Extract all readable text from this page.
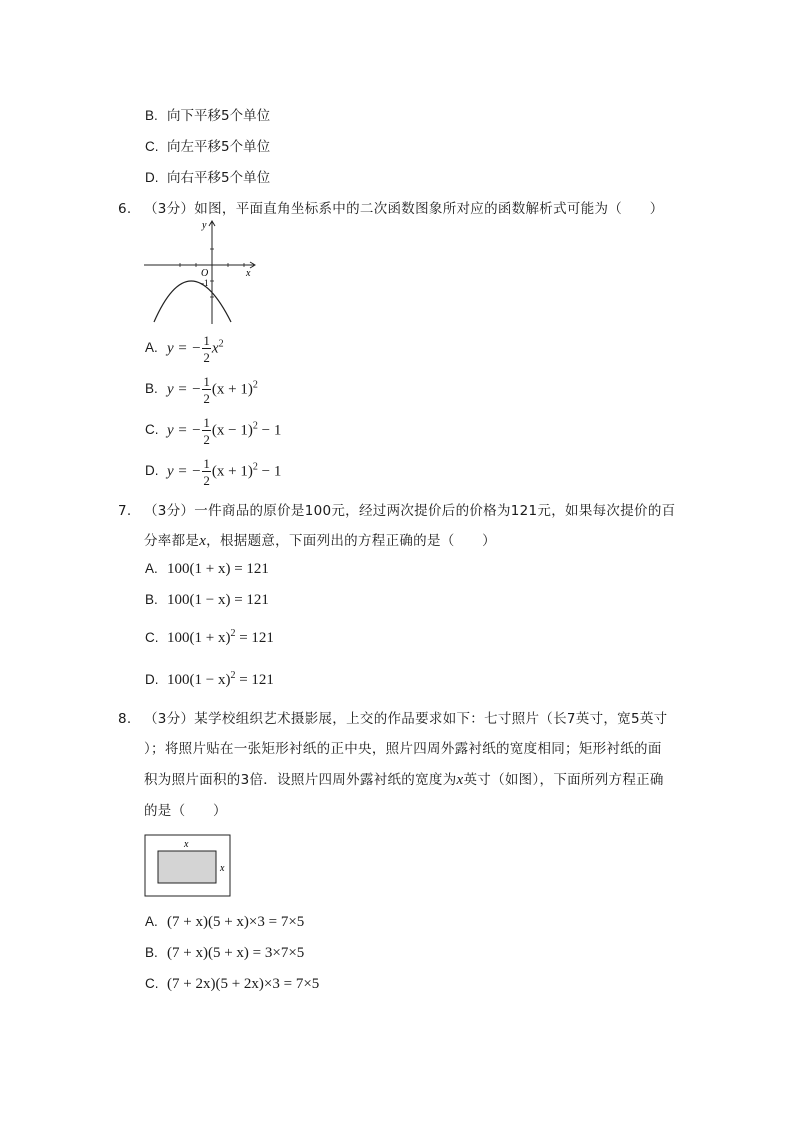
B. 向下平移5个单位
C. 向左平移5个单位
D. 向右平移5个单位
6. （3分）如图，平面直角坐标系中的二次函数图象所对应的函数解析式可能为（　　）
y
x
O
-1
A. y = − $\frac{1}{2} x^2$
B. y = − $\frac{1}{2} (x + 1)^2$
C. y = − $\frac{1}{2} (x - 1)^2 - 1$
D. y = − $\frac{1}{2} (x + 1)^2 - 1$
7. （3分）一件商品的原价是100元，经过两次提价后的价格为121元，如果每次提价的百
分率都是x，根据题意，下面列出的方程正确的是（　　）
A. 100(1 + x) = 121
B. 100(1 − x) = 121
C. $100(1 + x)^2 = 121$
D. $100(1 - x)^2 = 121$
8. （3分）某学校组织艺术摄影展，上交的作品要求如下：七寸照片（长7英寸，宽5英寸
）；将照片贴在一张矩形衬纸的正中央，照片四周外露衬纸的宽度相同；矩形衬纸的面
积为照片面积的3倍．设照片四周外露衬纸的宽度为x英寸（如图），下面所列方程正确
的是（　　）
x
x
A. (7 + x)(5 + x)×3 = 7×5
B. (7 + x)(5 + x) = 3×7×5
C. (7 + 2x)(5 + 2x)×3 = 7×5
